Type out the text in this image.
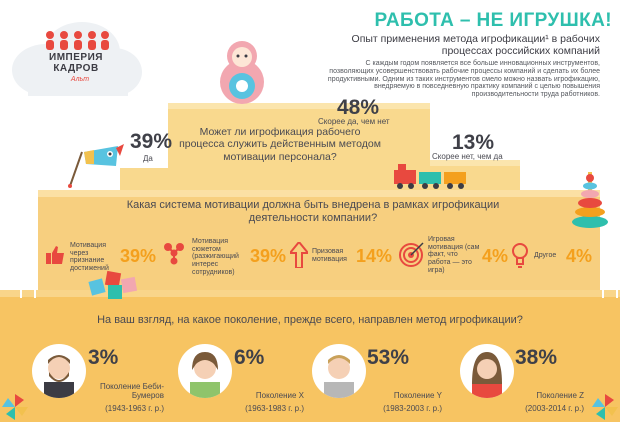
ИМПЕРИЯ
КАДРОВ
Альт
РАБОТА – НЕ ИГРУШКА!
Опыт применения метода игрофикации¹ в рабочих процессах российских компаний
С каждым годом появляется все больше инновационных инструментов, позволяющих усовершенствовать рабочие процессы компаний и сделать их более продуктивными. Одним из таких инструментов смело можно назвать игрофикацию, внедряемую в повседневную практику компаний с целью повышения производительности труда работников.
Может ли игрофикация рабочего процесса служить действенным методом мотивации персонала?
39%
Да
48%
Скорее да, чем нет
13%
Скорее нет, чем да
Какая система мотивации должна быть внедрена в рамках игрофикации деятельности компании?
Мотивация через признание достижений
39%
Мотивация сюжетом (разжигающий интерес сотрудников)
39%	Призовая мотивация 14%
Игровая мотивация (сам факт, что работа — это игра)
4%	Другое 4%
На ваш взгляд, на какое поколение, прежде всего, направлен метод игрофикации?
3%
Поколение Беби-Бумеров
(1943-1963 г. р.)
6%
Поколение X
(1963-1983 г. р.)
53%
Поколение Y
(1983-2003 г. р.)
38%
Поколение Z
(2003-2014 г. р.)
